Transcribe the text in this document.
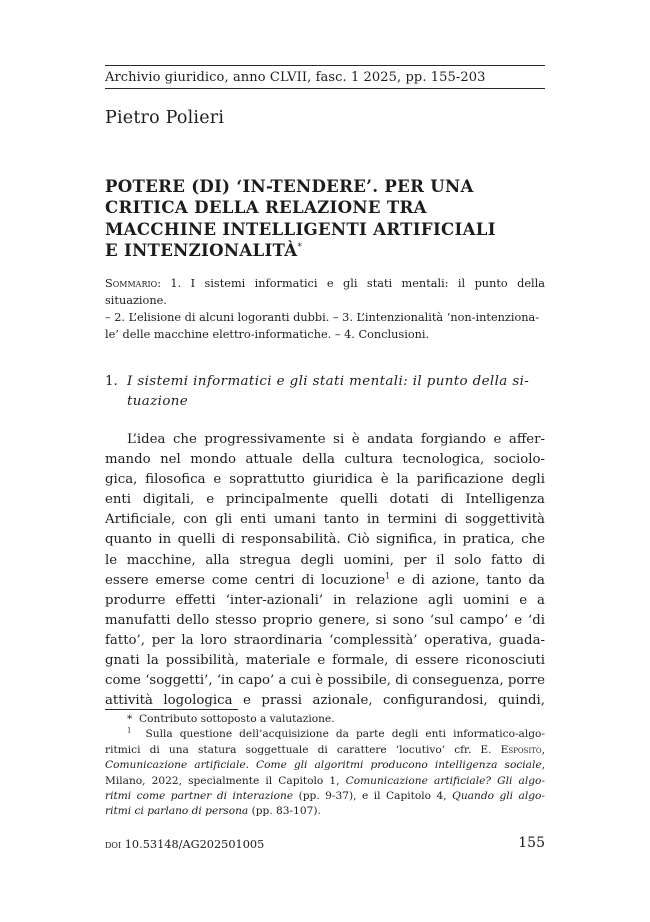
Archivio giuridico, anno CLVII, fasc. 1 2025, pp. 155-203
Pietro Polieri
POTERE (DI) ‘IN-TENDERE’. PER UNA
CRITICA DELLA RELAZIONE TRA
MACCHINE INTELLIGENTI ARTIFICIALI
E INTENZIONALITÀ*
Sommario: 1. I sistemi informatici e gli stati mentali: il punto della situazione.
– 2. L’elisione di alcuni logoranti dubbi. – 3. L’intenzionalità ‘non-intenziona-
le’ delle macchine elettro-informatiche. – 4. Conclusioni.
1. I sistemi informatici e gli stati mentali: il punto della si-
tuazione
L’idea che progressivamente si è andata forgiando e affer-
mando nel mondo attuale della cultura tecnologica, sociolo-
gica, filosofica e soprattutto giuridica è la parificazione degli
enti digitali, e principalmente quelli dotati di Intelligenza
Artificiale, con gli enti umani tanto in termini di soggettività
quanto in quelli di responsabilità. Ciò significa, in pratica, che
le macchine, alla stregua degli uomini, per il solo fatto di
essere emerse come centri di locuzione$^1$ e di azione, tanto da
produrre effetti ‘inter-azionali’ in relazione agli uomini e a
manufatti dello stesso proprio genere, si sono ‘sul campo’ e ‘di
fatto’, per la loro straordinaria ‘complessità’ operativa, guada-
gnati la possibilità, materiale e formale, di essere riconosciuti
come ‘soggetti’, ‘in capo’ a cui è possibile, di conseguenza, porre
attività logologica e prassi azionale, configurandosi, quindi,
* Contributo sottoposto a valutazione.
$^1$ Sulla questione dell’acquisizione da parte degli enti informatico-algo-
ritmici di una statura soggettuale di carattere ‘locutivo’ cfr. E. Esposito,
Comunicazione artificiale. Come gli algoritmi producono intelligenza sociale,
Milano, 2022, specialmente il Capitolo 1, Comunicazione artificiale? Gli algo-
ritmi come partner di interazione (pp. 9-37), e il Capitolo 4, Quando gli algo-
ritmi ci parlano di persona (pp. 83-107).
doi 10.53148/AG202501005	155
